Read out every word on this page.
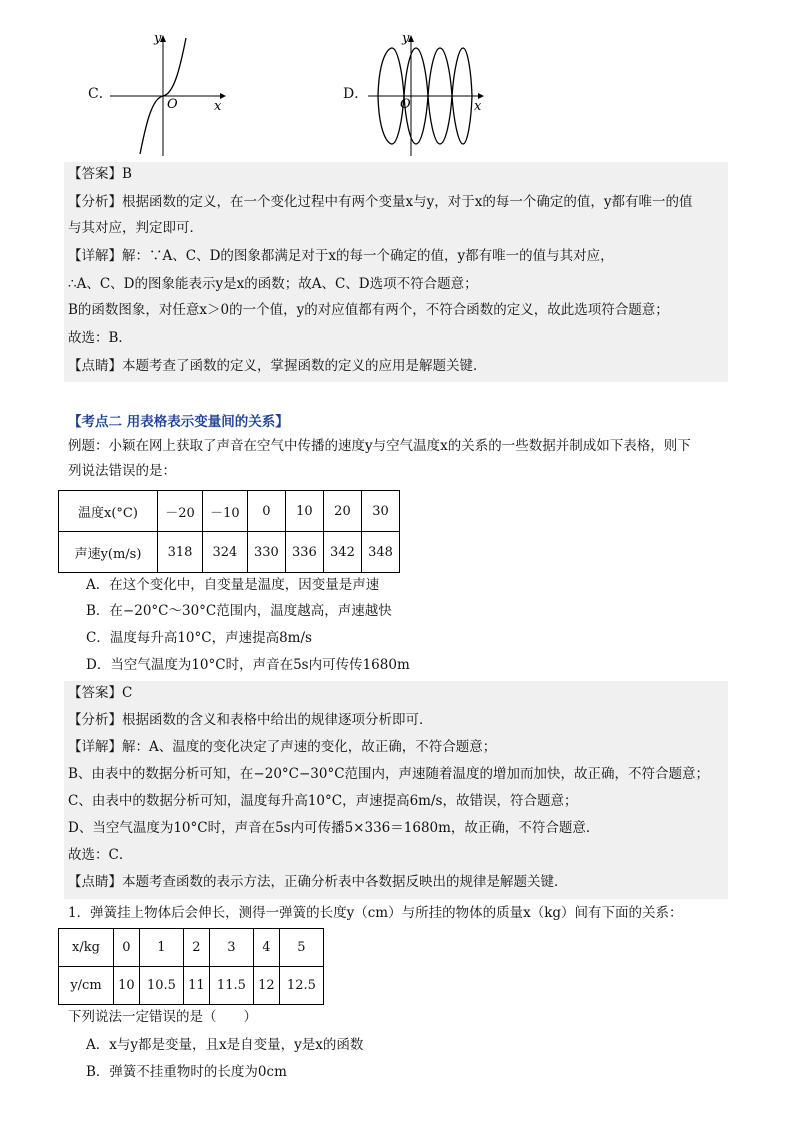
C．
y
x
O
D．
y
x
O
【答案】B
【分析】根据函数的定义，在一个变化过程中有两个变量x与y，对于x的每一个确定的值，y都有唯一的值
与其对应，判定即可．
【详解】解：∵A、C、D的图象都满足对于x的每一个确定的值，y都有唯一的值与其对应，
∴A、C、D的图象能表示y是x的函数；故A、C、D选项不符合题意；
B的函数图象，对任意x＞0的一个值，y的对应值都有两个，不符合函数的定义，故此选项符合题意；
故选：B．
【点睛】本题考查了函数的定义，掌握函数的定义的应用是解题关键．
【考点二 用表格表示变量间的关系】
例题：小颖在网上获取了声音在空气中传播的速度y与空气温度x的关系的一些数据并制成如下表格，则下
列说法错误的是：
温度x(°C)	－20	－10	0	10	20	30
声速y(m/s)	318	324	330	336	342	348
A．在这个变化中，自变量是温度，因变量是声速
B．在−20°C～30°C范围内，温度越高，声速越快
C．温度每升高10°C，声速提高8m/s
D．当空气温度为10°C时，声音在5s内可传传1680m
【答案】C
【分析】根据函数的含义和表格中给出的规律逐项分析即可．
【详解】解：A、温度的变化决定了声速的变化，故正确，不符合题意；
B、由表中的数据分析可知，在−20°C−30°C范围内，声速随着温度的增加而加快，故正确，不符合题意；
C、由表中的数据分析可知，温度每升高10°C，声速提高6m/s，故错误，符合题意；
D、当空气温度为10°C时，声音在5s内可传播5×336＝1680m，故正确，不符合题意．
故选：C．
【点睛】本题考查函数的表示方法，正确分析表中各数据反映出的规律是解题关键．
1．弹簧挂上物体后会伸长，测得一弹簧的长度y（cm）与所挂的物体的质量x（kg）间有下面的关系：
x/kg	0	1	2	3	4	5
y/cm	10	10.5	11	11.5	12	12.5
下列说法一定错误的是（　　）
A．x与y都是变量，且x是自变量，y是x的函数
B．弹簧不挂重物时的长度为0cm
